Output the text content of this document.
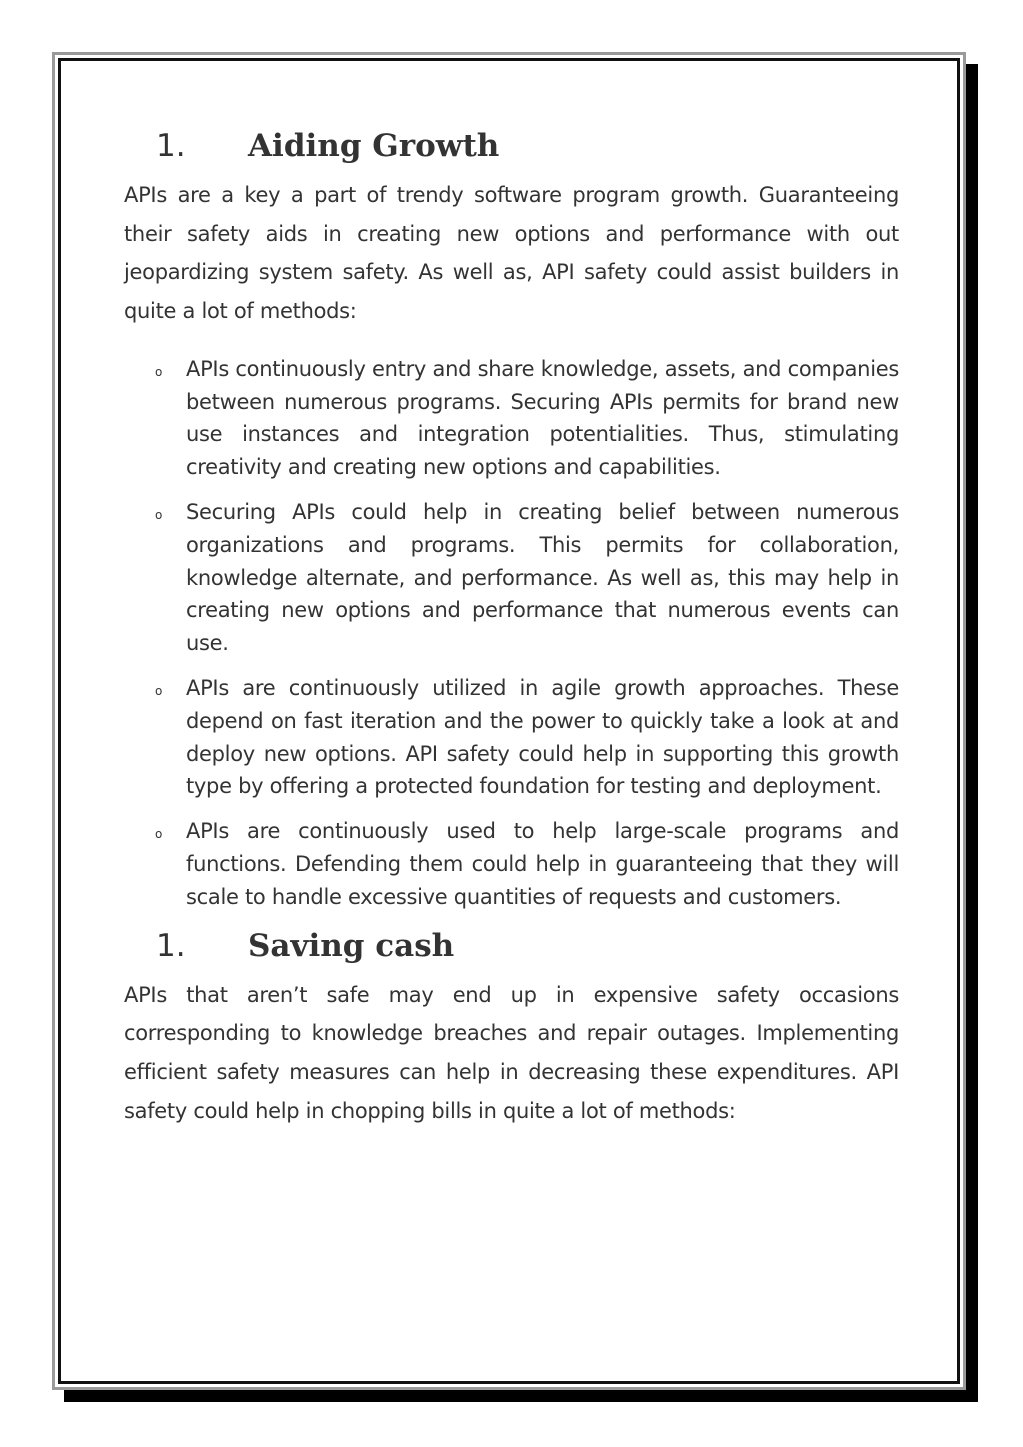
1.	Aiding Growth

APIs are a key a part of trendy software program growth. Guaranteeing their safety aids in creating new options and performance with out jeopardizing system safety. As well as, API safety could assist builders in quite a lot of methods:

o APIs continuously entry and share knowledge, assets, and companies between numerous programs. Securing APIs permits for brand new use instances and integration potentialities. Thus, stimulating creativity and creating new options and capabilities.
o Securing APIs could help in creating belief between numerous organizations and programs. This permits for collaboration, knowledge alternate, and performance. As well as, this may help in creating new options and performance that numerous events can use.
o APIs are continuously utilized in agile growth approaches. These depend on fast iteration and the power to quickly take a look at and deploy new options. API safety could help in supporting this growth type by offering a protected foundation for testing and deployment.
o APIs are continuously used to help large-scale programs and functions. Defending them could help in guaranteeing that they will scale to handle excessive quantities of requests and customers.
1.	Saving cash

APIs that aren’t safe may end up in expensive safety occasions corresponding to knowledge breaches and repair outages. Implementing efficient safety measures can help in decreasing these expenditures. API safety could help in chopping bills in quite a lot of methods:
